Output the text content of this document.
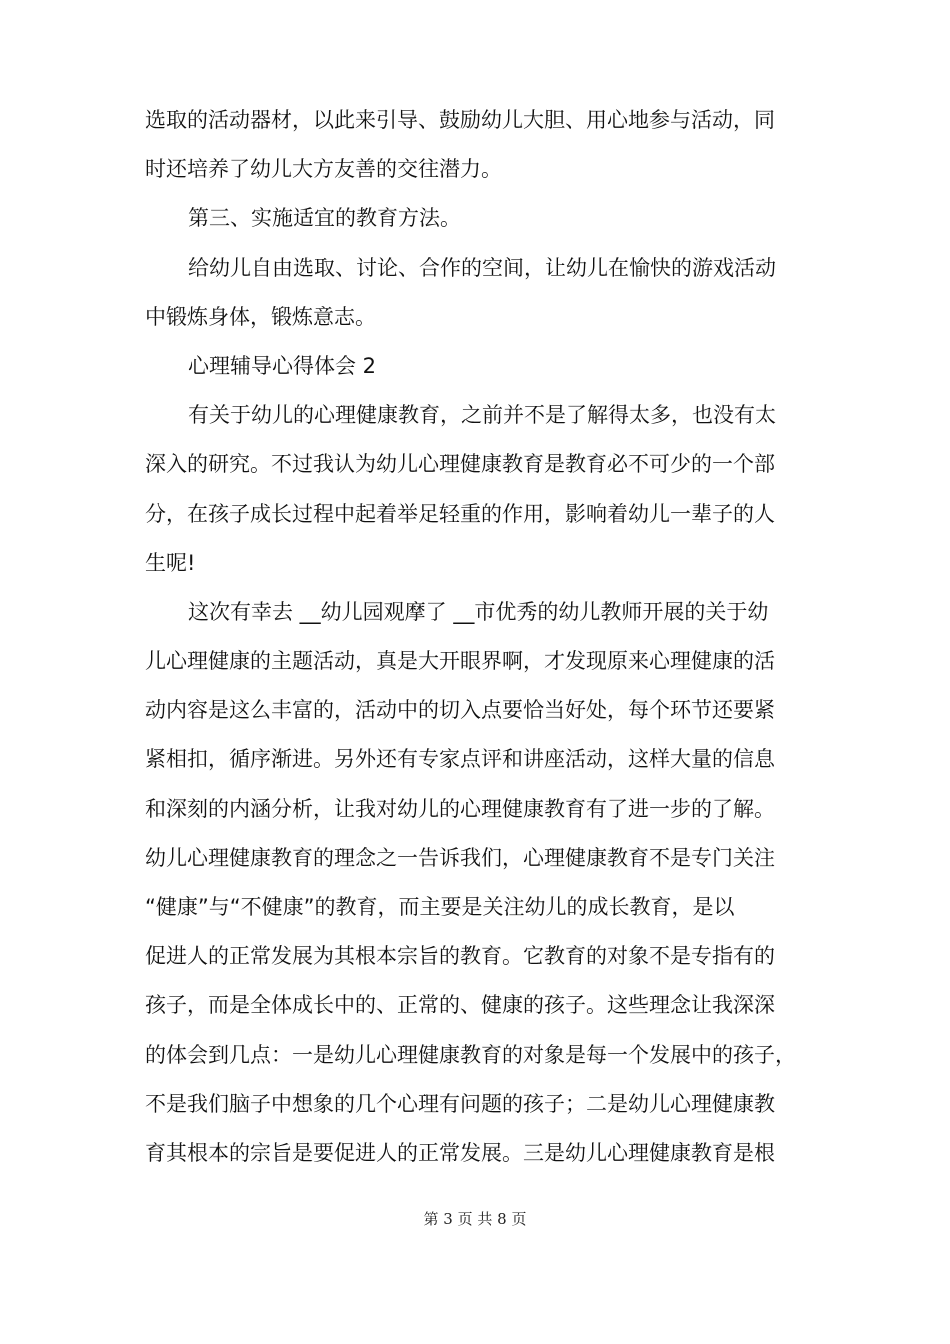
选取的活动器材，以此来引导、鼓励幼儿大胆、用心地参与活动，同
时还培养了幼儿大方友善的交往潜力。
第三、实施适宜的教育方法。
给幼儿自由选取、讨论、合作的空间，让幼儿在愉快的游戏活动
中锻炼身体，锻炼意志。
心理辅导心得体会 2
有关于幼儿的心理健康教育，之前并不是了解得太多，也没有太
深入的研究。不过我认为幼儿心理健康教育是教育必不可少的一个部
分，在孩子成长过程中起着举足轻重的作用，影响着幼儿一辈子的人
生呢!
这次有幸去 __幼儿园观摩了 __市优秀的幼儿教师开展的关于幼
儿心理健康的主题活动，真是大开眼界啊，才发现原来心理健康的活
动内容是这么丰富的，活动中的切入点要恰当好处，每个环节还要紧
紧相扣，循序渐进。另外还有专家点评和讲座活动，这样大量的信息
和深刻的内涵分析，让我对幼儿的心理健康教育有了进一步的了解。
幼儿心理健康教育的理念之一告诉我们，心理健康教育不是专门关注
“健康”与“不健康”的教育，而主要是关注幼儿的成长教育，是以
促进人的正常发展为其根本宗旨的教育。它教育的对象不是专指有的
孩子，而是全体成长中的、正常的、健康的孩子。这些理念让我深深
的体会到几点：一是幼儿心理健康教育的对象是每一个发展中的孩子，
不是我们脑子中想象的几个心理有问题的孩子；二是幼儿心理健康教
育其根本的宗旨是要促进人的正常发展。三是幼儿心理健康教育是根
第 3 页 共 8 页
